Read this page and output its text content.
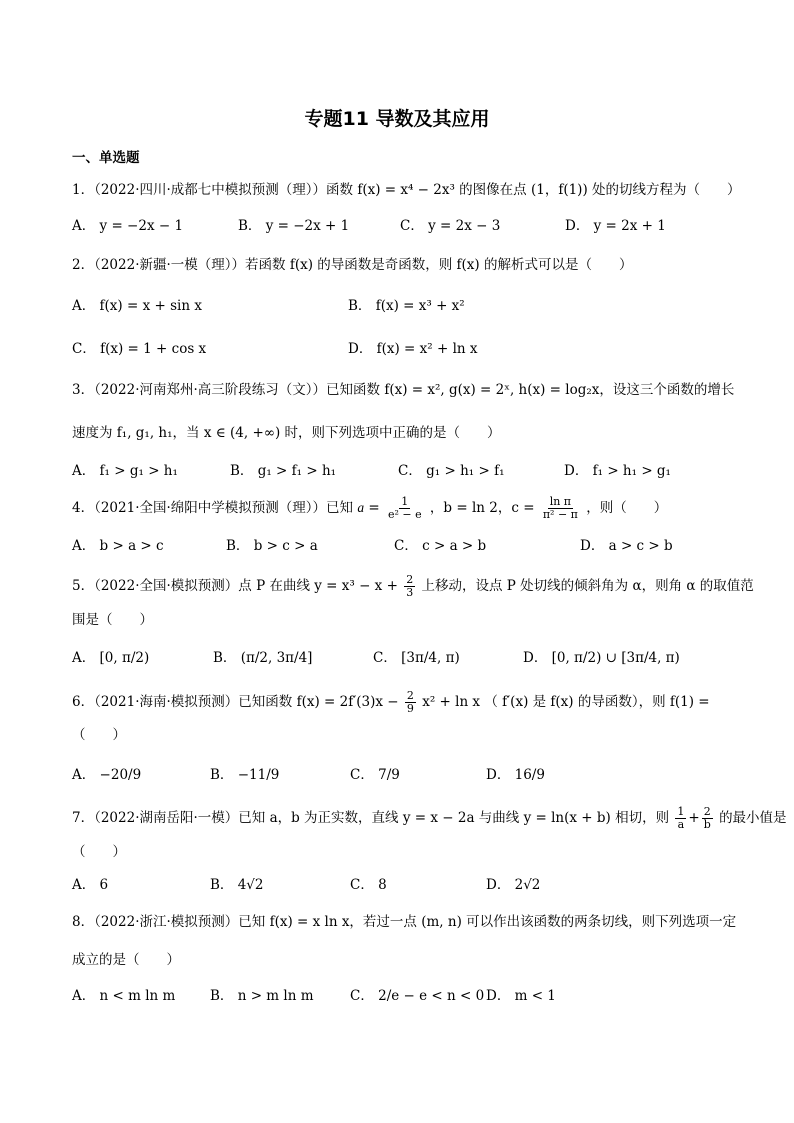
专题11 导数及其应用
一、单选题
1．（2022·四川·成都七中模拟预测（理））函数 f(x) = x⁴ − 2x³ 的图像在点 (1，f(1)) 处的切线方程为（　　）
A． y = −2x − 1	B． y = −2x + 1	C． y = 2x − 3	D． y = 2x + 1
2．（2022·新疆·一模（理））若函数 f(x) 的导函数是奇函数，则 f(x) 的解析式可以是（　　）
A． f(x) = x + sin x	B． f(x) = x³ + x²
C． f(x) = 1 + cos x	D． f(x) = x² + ln x
3．（2022·河南郑州·高三阶段练习（文））已知函数 f(x) = x², g(x) = 2ˣ, h(x) = log₂x，设这三个函数的增长
速度为 f₁, g₁, h₁，当 x ∈ (4, +∞) 时，则下列选项中正确的是（　　）
A． f₁ > g₁ > h₁	B． g₁ > f₁ > h₁	C． g₁ > h₁ > f₁	D． f₁ > h₁ > g₁
4．（2021·全国·绵阳中学模拟预测（理））已知 $a = \frac{1}{\text{e² − e}}$ ，b = ln 2，$c = \frac{\text{ln π}}{\text{π² − π}}$ ，则（　　）
A． b > a > c	B． b > c > a	C． c > a > b	D． a > c > b
5．（2022·全国·模拟预测）点 P 在曲线 $y = x^3 - x + \frac{2}{3}$ 上移动，设点 P 处切线的倾斜角为 α，则角 α 的取值范
围是（　　）
A． [0, π/2)	B． (π/2, 3π/4]	C． [3π/4, π)	D． [0, π/2) ∪ [3π/4, π)
6．（2021·海南·模拟预测）已知函数 $f(x) = 2f'(3)x - \frac{2}{9} x^2 + \ln x$ （ f′(x) 是 f(x) 的导函数），则 f(1) =
（　　）
A． −20/9	B． −11/9	C． 7/9	D． 16/9
7．（2022·湖南岳阳·一模）已知 a，b 为正实数，直线 y = x − 2a 与曲线 y = ln(x + b) 相切，则 $\frac{1}{a} + \frac{2}{b}$ 的最小值是
（　　）
A． 6	B． 4√2	C． 8	D． 2√2
8．（2022·浙江·模拟预测）已知 f(x) = x ln x，若过一点 (m, n) 可以作出该函数的两条切线，则下列选项一定
成立的是（　　）
A． n < m ln m	B． n > m ln m	C． 2/e − e < n < 0 D． m < 1
